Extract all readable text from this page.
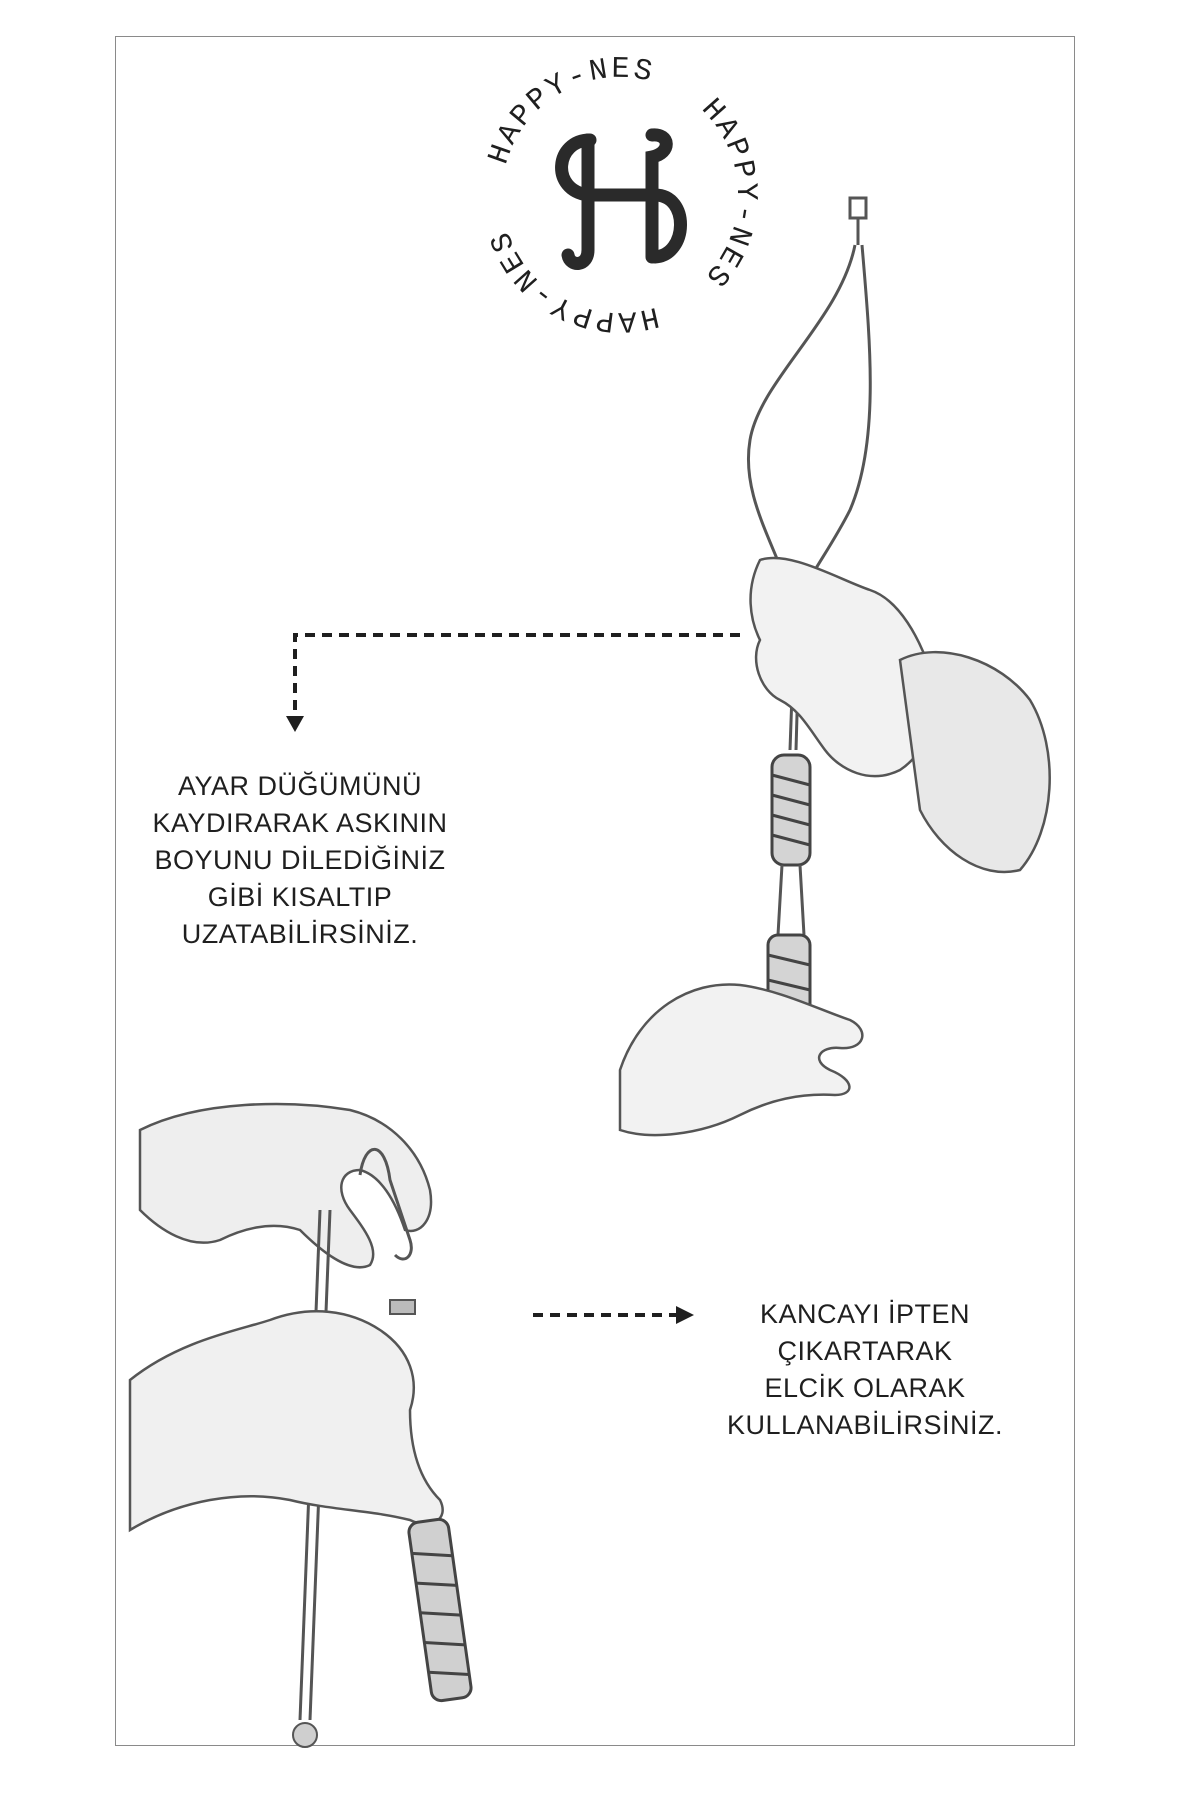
HAPPY-NES
HAPPY-NES
HAPPY-NES
AYAR DÜĞÜMÜNÜ
KAYDIRARAK ASKININ
BOYUNU DİLEDİĞİNİZ
GİBİ KISALTIP
UZATABİLİRSİNİZ.
KANCAYI İPTEN
ÇIKARTARAK
ELCİK OLARAK
KULLANABİLİRSİNİZ.
